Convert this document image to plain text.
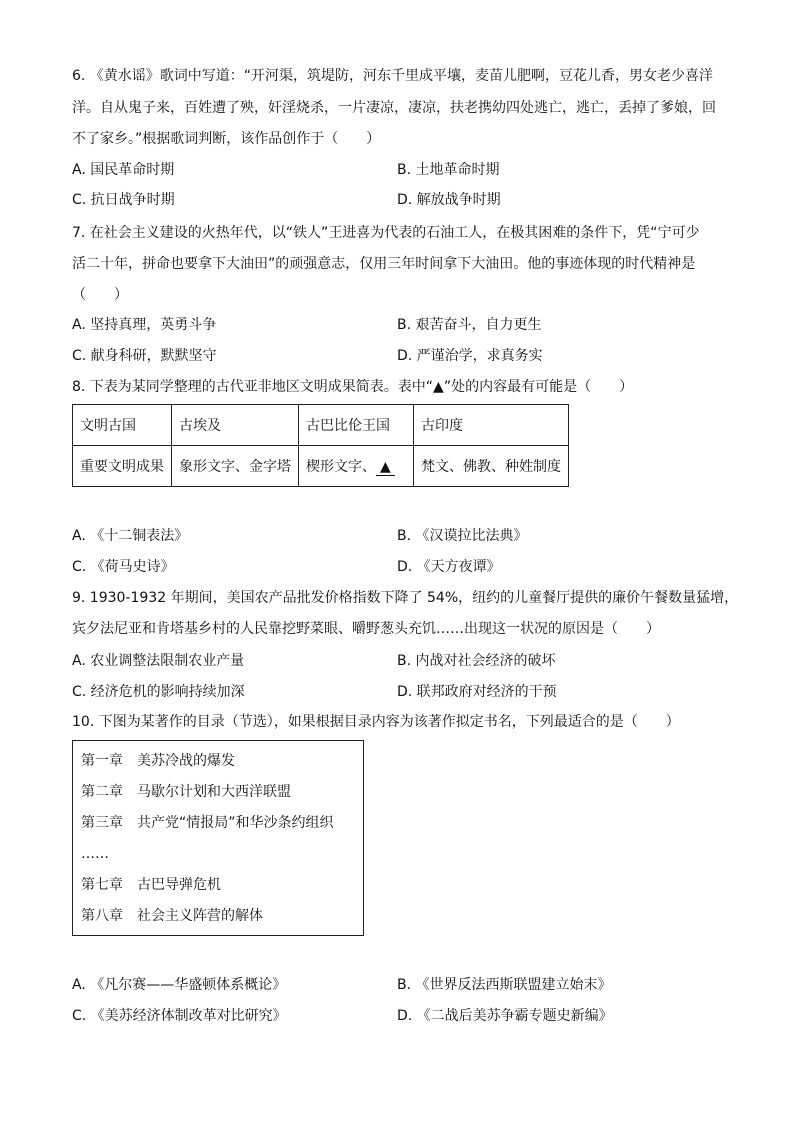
6. 《黄水谣》歌词中写道：“开河渠，筑堤防，河东千里成平壤，麦苗儿肥啊，豆花儿香，男女老少喜洋
洋。自从鬼子来，百姓遭了殃，奸淫烧杀，一片凄凉，凄凉，扶老携幼四处逃亡，逃亡，丢掉了爹娘，回
不了家乡。”根据歌词判断，该作品创作于（　　）
A. 国民革命时期	B. 土地革命时期
C. 抗日战争时期	D. 解放战争时期
7. 在社会主义建设的火热年代，以“铁人”王进喜为代表的石油工人，在极其困难的条件下，凭“宁可少
活二十年，拼命也要拿下大油田”的顽强意志，仅用三年时间拿下大油田。他的事迹体现的时代精神是
（　　）
A. 坚持真理，英勇斗争	B. 艰苦奋斗，自力更生
C. 献身科研，默默坚守	D. 严谨治学，求真务实
8. 下表为某同学整理的古代亚非地区文明成果简表。表中“▲”处的内容最有可能是（　　）
文明古国	古埃及	古巴比伦王国	古印度
重要文明成果	象形文字、金字塔	楔形文字、 ▲	梵文、佛教、种姓制度
A. 《十二铜表法》	B. 《汉谟拉比法典》
C. 《荷马史诗》	D. 《天方夜谭》
9. 1930-1932 年期间，美国农产品批发价格指数下降了 54%，纽约的儿童餐厅提供的廉价午餐数量猛增，
宾夕法尼亚和肯塔基乡村的人民靠挖野菜眼、嚼野葱头充饥……出现这一状况的原因是（　　）
A. 农业调整法限制农业产量	B. 内战对社会经济的破坏
C. 经济危机的影响持续加深	D. 联邦政府对经济的干预
10. 下图为某著作的目录（节选），如果根据目录内容为该著作拟定书名，下列最适合的是（　　）
第一章　美苏冷战的爆发
第二章　马歇尔计划和大西洋联盟
第三章　共产党“情报局”和华沙条约组织
……
第七章　古巴导弹危机
第八章　社会主义阵营的解体
A. 《凡尔赛——华盛顿体系概论》	B. 《世界反法西斯联盟建立始末》
C. 《美苏经济体制改革对比研究》	D. 《二战后美苏争霸专题史新编》
